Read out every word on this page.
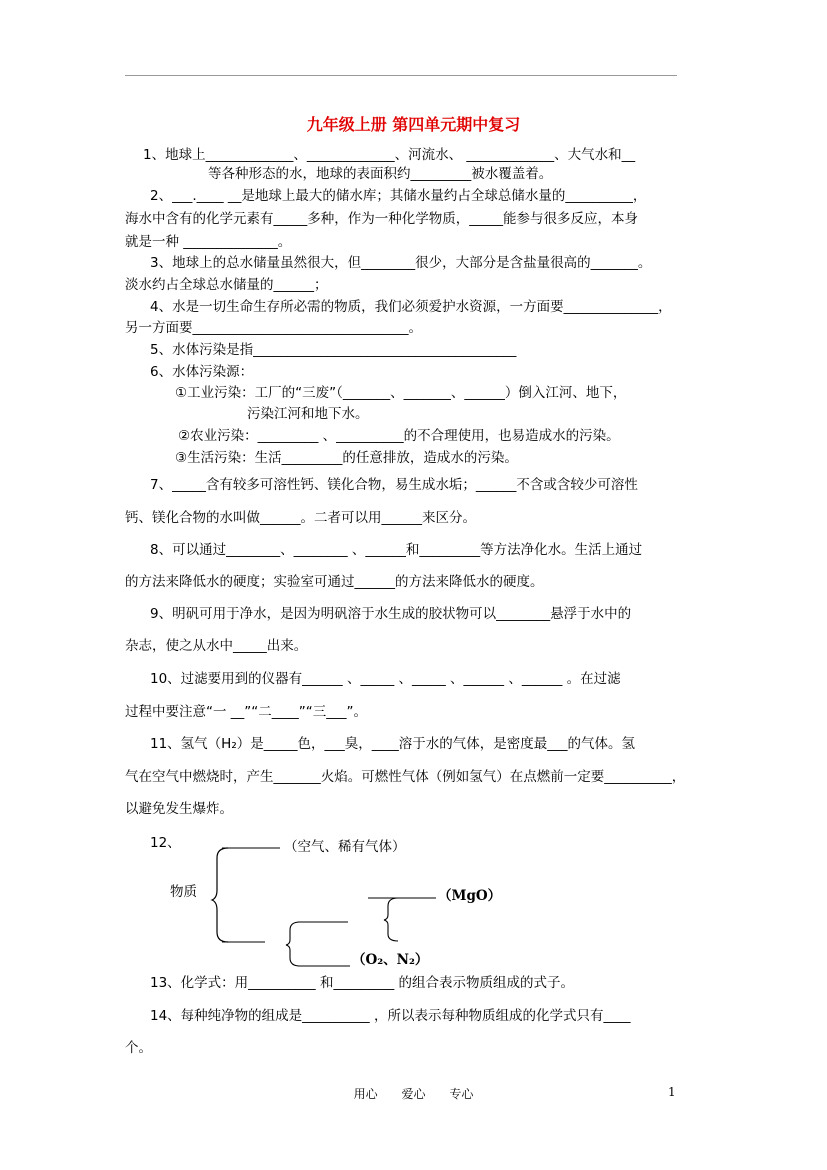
九年级上册 第四单元期中复习
1、地球上_____________、_____________、河流水、 _____________、大气水和__
等各种形态的水，地球的表面积约_________被水覆盖着。
2、___.____ __是地球上最大的储水库；其储水量约占全球总储水量的__________，
海水中含有的化学元素有_____多种，作为一种化学物质，_____能参与很多反应，本身
就是一种 ______________。
3、地球上的总水储量虽然很大，但________很少，大部分是含盐量很高的_______。
淡水约占全球总水储量的______；
4、水是一切生命生存所必需的物质，我们必须爱护水资源，一方面要______________，
另一方面要________________________________。
5、水体污染是指_______________________________________
6、水体污染源：
①工业污染：工厂的“三废”（_______、_______、______）倒入江河、地下，
污染江河和地下水。
②农业污染：_________ 、__________的不合理使用，也易造成水的污染。
③生活污染：生活_________的任意排放，造成水的污染。
7、_____含有较多可溶性钙、镁化合物，易生成水垢；______不含或含较少可溶性
钙、镁化合物的水叫做______。二者可以用______来区分。
8、可以通过________、________ 、______和_________等方法净化水。生活上通过
的方法来降低水的硬度；实验室可通过______的方法来降低水的硬度。
9、明矾可用于净水，是因为明矾溶于水生成的胶状物可以________悬浮于水中的
杂志，使之从水中_____出来。
10、过滤要用到的仪器有______ 、_____ 、_____ 、______ 、______ 。在过滤
过程中要注意“一 __”“二____”“三___”。
11、氢气（H₂）是_____色，___臭，____溶于水的气体，是密度最___的气体。氢
气在空气中燃烧时，产生_______火焰。可燃性气体（例如氢气）在点燃前一定要__________，
以避免发生爆炸。
12、
13、化学式：用__________ 和_________ 的组合表示物质组成的式子。
14、每种纯净物的组成是__________ ，所以表示每种物质组成的化学式只有____
个。
物质
（空气、稀有气体）
（MgO）
（O₂、N₂）
用心 爱心 专心	1
